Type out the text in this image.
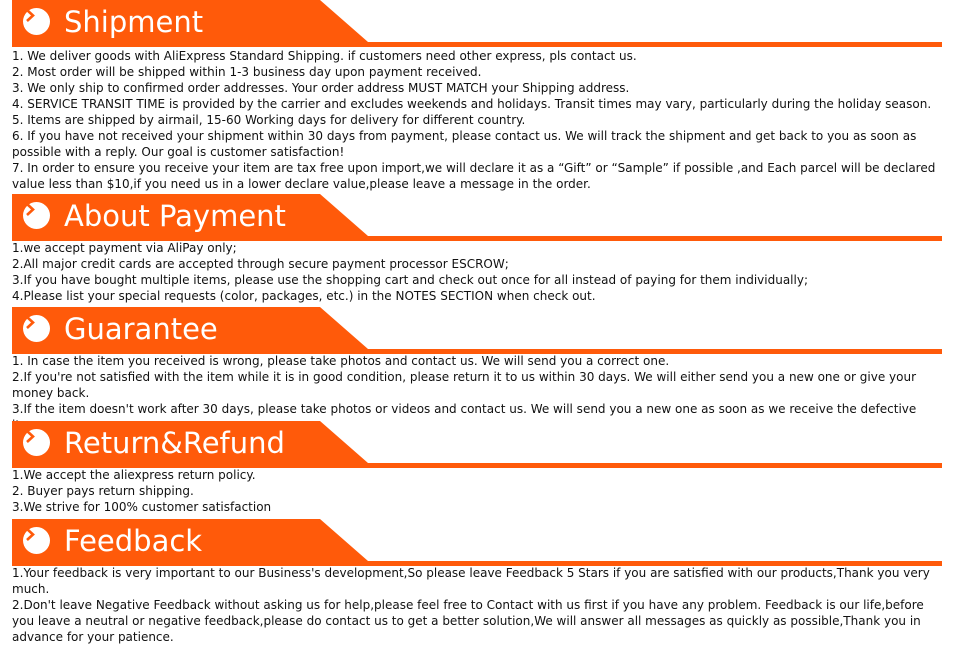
Shipment
1. We deliver goods with AliExpress Standard Shipping. if customers need other express, pls contact us.
2. Most order will be shipped within 1-3 business day upon payment received.
3. We only ship to confirmed order addresses. Your order address MUST MATCH your Shipping address.
4. SERVICE TRANSIT TIME is provided by the carrier and excludes weekends and holidays. Transit times may vary, particularly during the holiday season.
5. Items are shipped by airmail, 15-60 Working days for delivery for different country.
6. If you have not received your shipment within 30 days from payment, please contact us. We will track the shipment and get back to you as soon as possible with a reply. Our goal is customer satisfaction!
7. In order to ensure you receive your item are tax free upon import,we will declare it as a “Gift” or “Sample” if possible ,and Each parcel will be declared value less than $10,if you need us in a lower declare value,please leave a message in the order.
About Payment
1.we accept payment via AliPay only;
2.All major credit cards are accepted through secure payment processor ESCROW;
3.If you have bought multiple items, please use the shopping cart and check out once for all instead of paying for them individually;
4.Please list your special requests (color, packages, etc.) in the NOTES SECTION when check out.
Guarantee
1. In case the item you received is wrong, please take photos and contact us. We will send you a correct one.
2.If you're not satisfied with the item while it is in good condition, please return it to us within 30 days. We will either send you a new one or give your money back.
3.If the item doesn't work after 30 days, please take photos or videos and contact us. We will send you a new one as soon as we receive the defective
Return&Refund
1.We accept the aliexpress return policy.
2. Buyer pays return shipping.
3.We strive for 100% customer satisfaction
Feedback
1.Your feedback is very important to our Business's development,So please leave Feedback 5 Stars if you are satisfied with our products,Thank you very much.
2.Don't leave Negative Feedback without asking us for help,please feel free to Contact with us first if you have any problem. Feedback is our life,before you leave a neutral or negative feedback,please do contact us to get a better solution,We will answer all messages as quickly as possible,Thank you in advance for your patience.
